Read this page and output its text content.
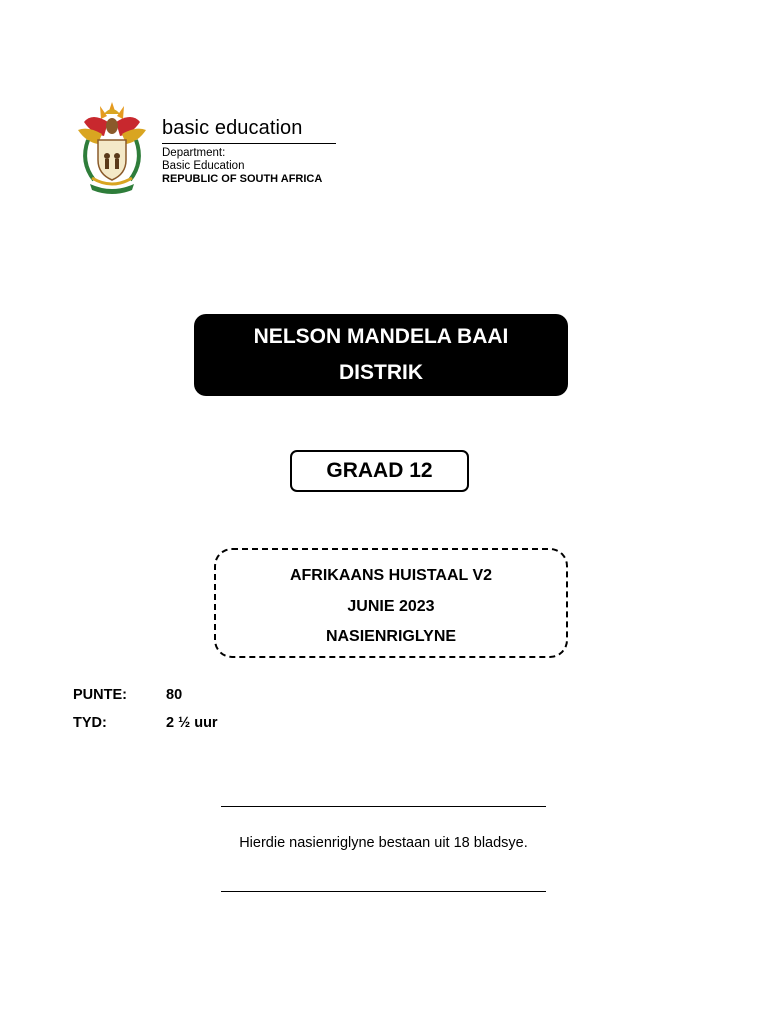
basic education
Department:
Basic Education
REPUBLIC OF SOUTH AFRICA
NELSON MANDELA BAAI
DISTRIK
GRAAD 12
AFRIKAANS HUISTAAL V2
JUNIE 2023
NASIENRIGLYNE
PUNTE:	80
TYD:	2 ½ uur
Hierdie nasienriglyne bestaan uit 18 bladsye.
